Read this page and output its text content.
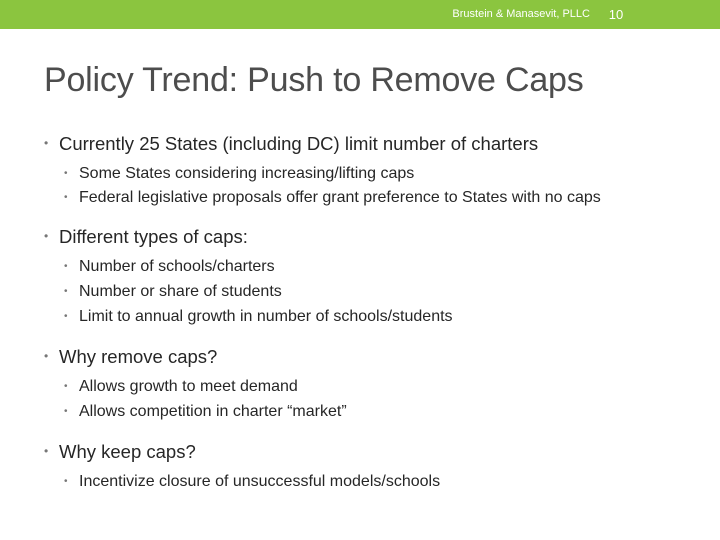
Brustein & Manasevit, PLLC	10
Policy Trend: Push to Remove Caps
• Currently 25 States (including DC) limit number of charters
• Some States considering increasing/lifting caps
• Federal legislative proposals offer grant preference to States with no caps
• Different types of caps:
• Number of schools/charters
• Number or share of students
• Limit to annual growth in number of schools/students
• Why remove caps?
• Allows growth to meet demand
• Allows competition in charter “market”
• Why keep caps?
• Incentivize closure of unsuccessful models/schools
